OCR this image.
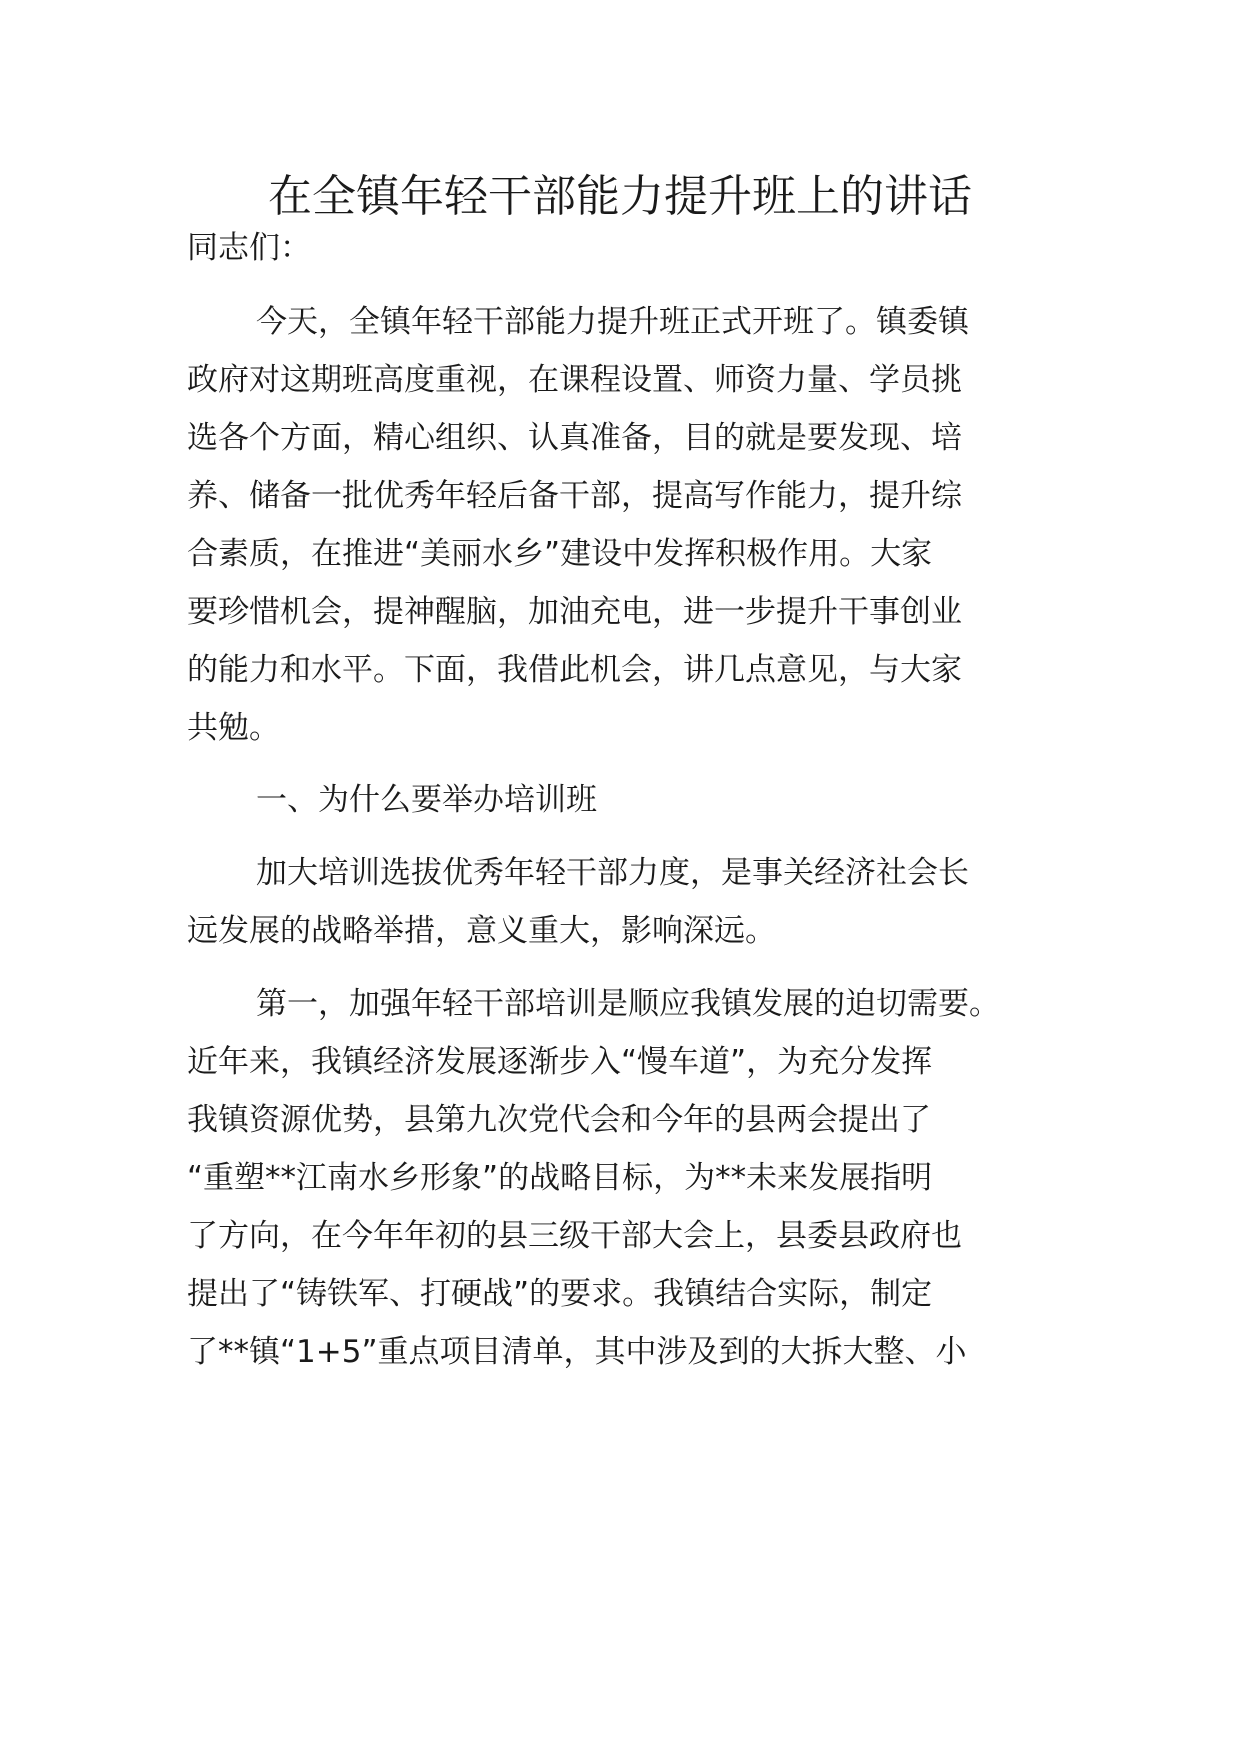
在全镇年轻干部能力提升班上的讲话
同志们：
今天，全镇年轻干部能力提升班正式开班了。镇委镇
政府对这期班高度重视，在课程设置、师资力量、学员挑
选各个方面，精心组织、认真准备，目的就是要发现、培
养、储备一批优秀年轻后备干部，提高写作能力，提升综
合素质，在推进“美丽水乡”建设中发挥积极作用。大家
要珍惜机会，提神醒脑，加油充电，进一步提升干事创业
的能力和水平。下面，我借此机会，讲几点意见，与大家
共勉。
一、为什么要举办培训班
加大培训选拔优秀年轻干部力度，是事关经济社会长
远发展的战略举措，意义重大，影响深远。
第一，加强年轻干部培训是顺应我镇发展的迫切需要。
近年来，我镇经济发展逐渐步入“慢车道”，为充分发挥
我镇资源优势，县第九次党代会和今年的县两会提出了
“重塑**江南水乡形象”的战略目标，为**未来发展指明
了方向，在今年年初的县三级干部大会上，县委县政府也
提出了“铸铁军、打硬战”的要求。我镇结合实际，制定
了**镇“1+5”重点项目清单，其中涉及到的大拆大整、小
